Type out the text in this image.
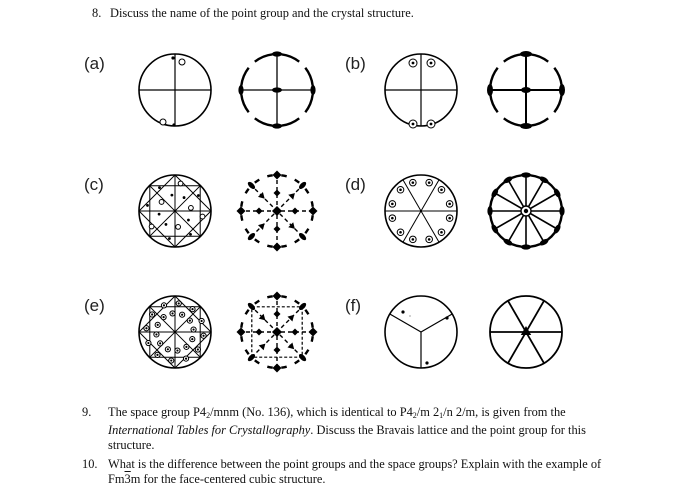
8. Discuss the name of the point group and the crystal structure.
(a)	(b)
(c)	(d)
(e)	(f)
9. The space group $P4_2$/mnm (No. 136), which is identical to $P4_2/m$ $2_1/n$ 2/m, is given from the International Tables for Crystallography. Discuss the Bravais lattice and the point group for this structure.
10. What is the difference between the point groups and the space groups? Explain with the example of Fm3m for the face-centered cubic structure.
